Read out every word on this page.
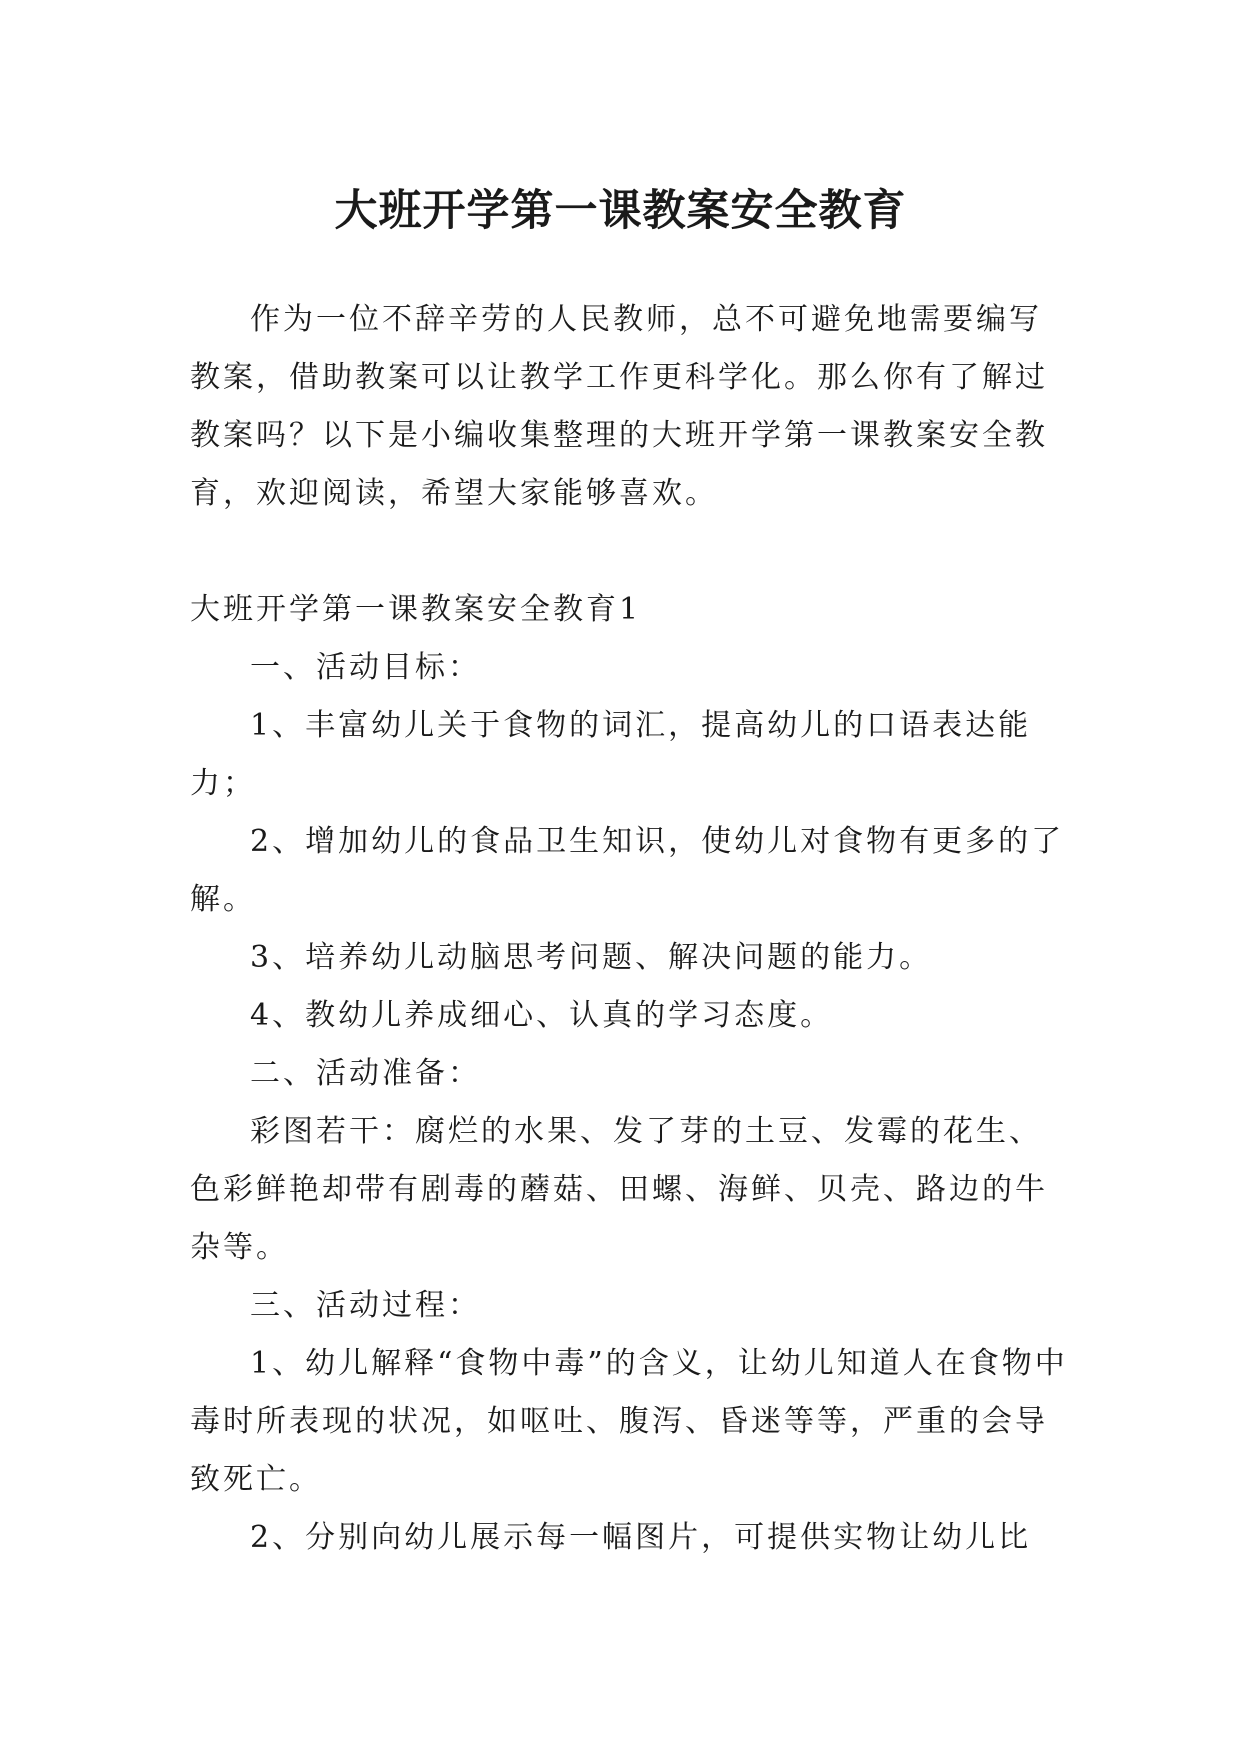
大班开学第一课教案安全教育

作为一位不辞辛劳的人民教师，总不可避免地需要编写教案，借助教案可以让教学工作更科学化。那么你有了解过教案吗？以下是小编收集整理的大班开学第一课教案安全教育，欢迎阅读，希望大家能够喜欢。

大班开学第一课教案安全教育1

一、活动目标：

1、丰富幼儿关于食物的词汇，提高幼儿的口语表达能力；

2、增加幼儿的食品卫生知识，使幼儿对食物有更多的了解。

3、培养幼儿动脑思考问题、解决问题的能力。

4、教幼儿养成细心、认真的学习态度。

二、活动准备：

彩图若干：腐烂的水果、发了芽的土豆、发霉的花生、色彩鲜艳却带有剧毒的蘑菇、田螺、海鲜、贝壳、路边的牛杂等。

三、活动过程：

1、幼儿解释“食物中毒”的含义，让幼儿知道人在食物中毒时所表现的状况，如呕吐、腹泻、昏迷等等，严重的会导致死亡。

2、分别向幼儿展示每一幅图片，可提供实物让幼儿比
